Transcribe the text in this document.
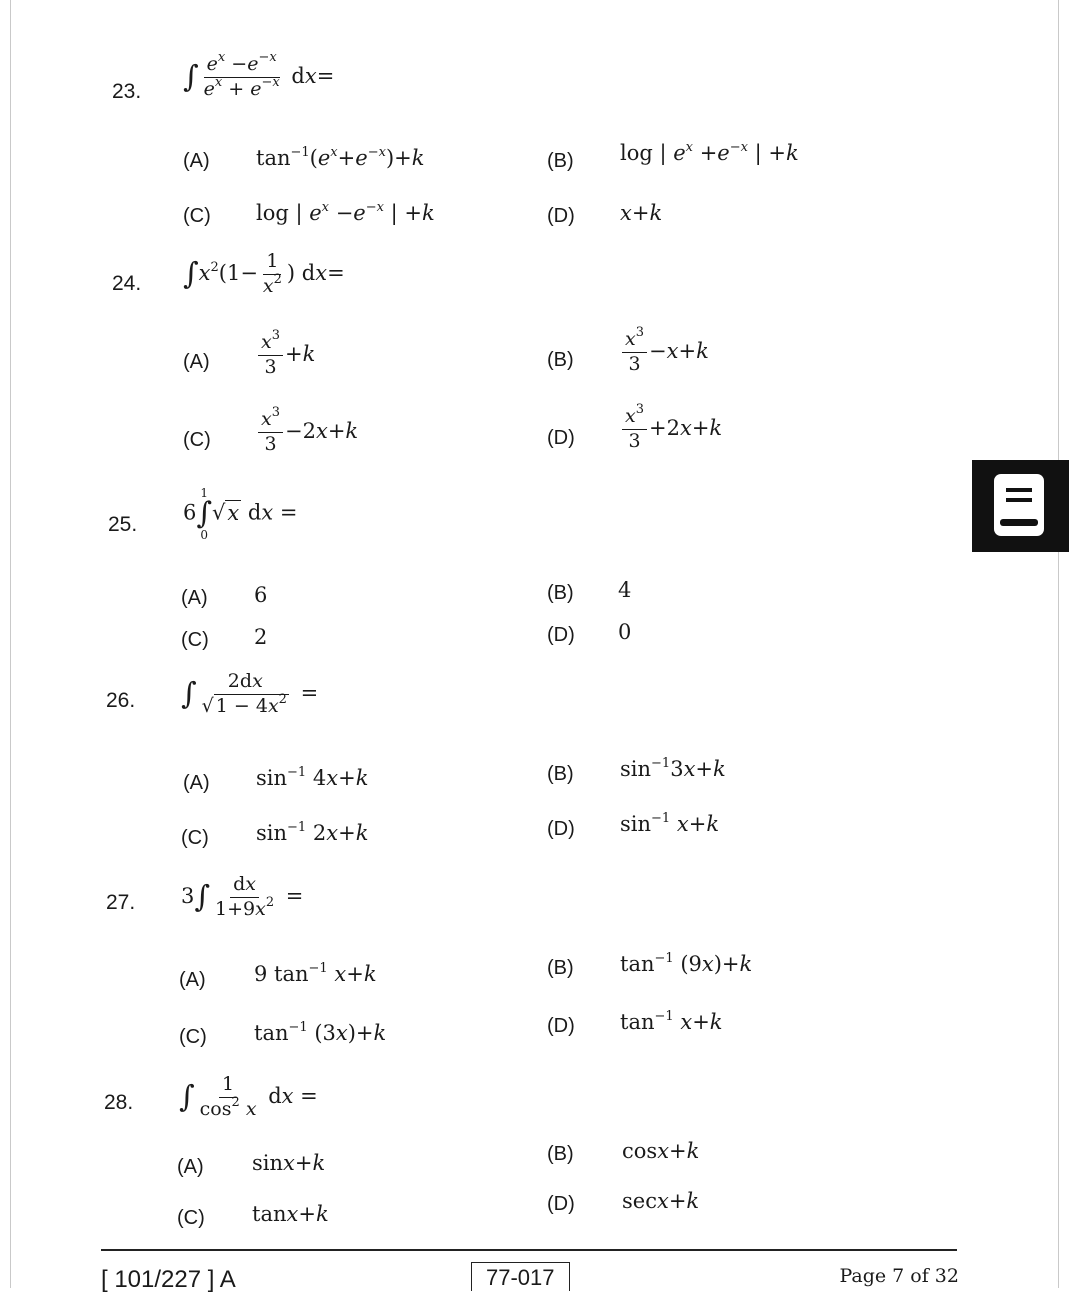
23. ∫ $\frac{e^x -e^{-x}}{e^x + e^{-x}} dx=$
(A) $\tan^{-1}(e^x+e^{-x})+k$	(B) log | $e^x +e^{-x}$ | +k
(C) log | $e^x -e^{-x}$ | +k	(D) x+k
24. $\int x^2(1- \frac{1}{x^2}$ ) dx=
(A)	$\frac{x^3}{3} +k$	(B)	$\frac{x^3}{3} -x+k$
$(C) \frac{x^3}{3} -2x+k$	$(D) \frac{x^3}{3} +2x+k$
25. 6
1
∫
0
√x dx =
(A) 6	(B) 4
(C) 2	(D) 0
26. ∫ $\frac{2dx}{√ 1 - 4x^2}$ =
(A) $\sin^{-1} 4x+k$	(B) $\sin^{-1}3x+k$
(C) $\sin^{-1} 2x+k$	(D) $\sin^{-1} x+k$
27. $3\int \frac{dx}{1+9x^2}$ =
(A) 9 $\tan^{-1} x+k$	(B) $\tan^{-1} (9x)+k$
(C) $\tan^{-1} (3x)+k$	(D) $\tan^{-1} x+k$
28. ∫ $\frac{1}{\cos^2 x}$ dx =
(A) sinx+k	(B) cosx+k
(C) tanx+k	(D) secx+k
[ 101/227 ] A	77-017	Page 7 of 32
